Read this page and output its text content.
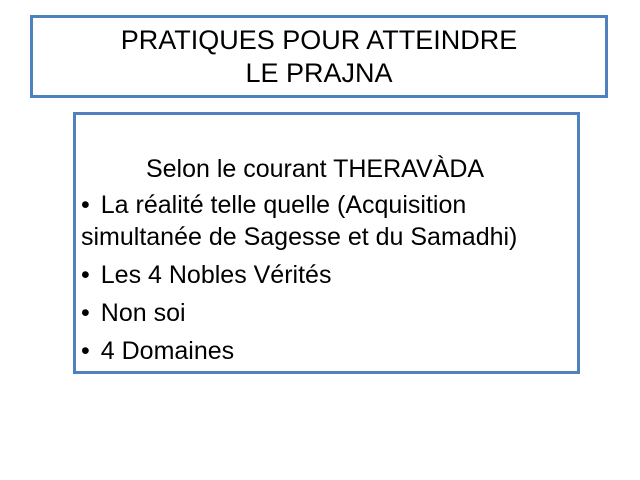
PRATIQUES POUR ATTEINDRE
LE PRAJNA
Selon le courant THERAVÀDA
• La réalité telle quelle (Acquisition simultanée de Sagesse et du Samadhi)
• Les 4 Nobles Vérités
• Non soi
• 4 Domaines
